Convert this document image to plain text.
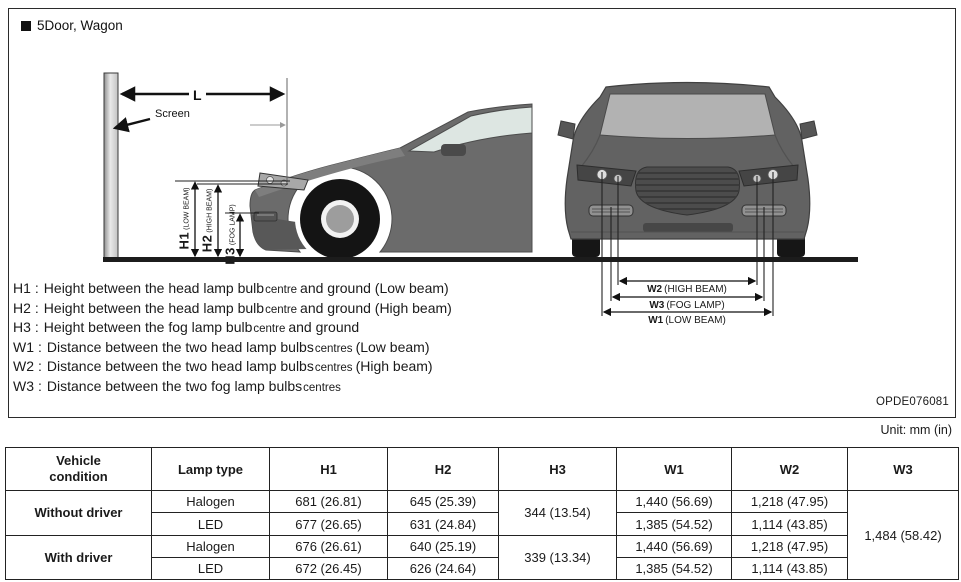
5Door, Wagon
L
Screen
H1(LOW BEAM)
H2(HIGH BEAM)
H3(FOG LAMP)
W2 (HIGH BEAM)
W3 (FOG LAMP)
W1 (LOW BEAM)
H1 : Height between the head lamp bulbcentre and ground (Low beam)
H2 : Height between the head lamp bulbcentre and ground (High beam)
H3 : Height between the fog lamp bulbcentre and ground
W1 : Distance between the two head lamp bulbscentres (Low beam)
W2 : Distance between the two head lamp bulbscentres (High beam)
W3 : Distance between the two fog lamp bulbscentres
OPDE076081
Unit: mm (in)
Vehicle condition	Lamp type	H1	H2	H3	W1	W2	W3
Without driver	Halogen	681 (26.81)	645 (25.39)	344 (13.54)	1,440 (56.69)	1,218 (47.95)	1,484 (58.42)
	LED	677 (26.65)	631 (24.84)		1,385 (54.52)	1,114 (43.85)	
With driver	Halogen	676 (26.61)	640 (25.19)	339 (13.34)	1,440 (56.69)	1,218 (47.95)	
	LED	672 (26.45)	626 (24.64)		1,385 (54.52)	1,114 (43.85)	
